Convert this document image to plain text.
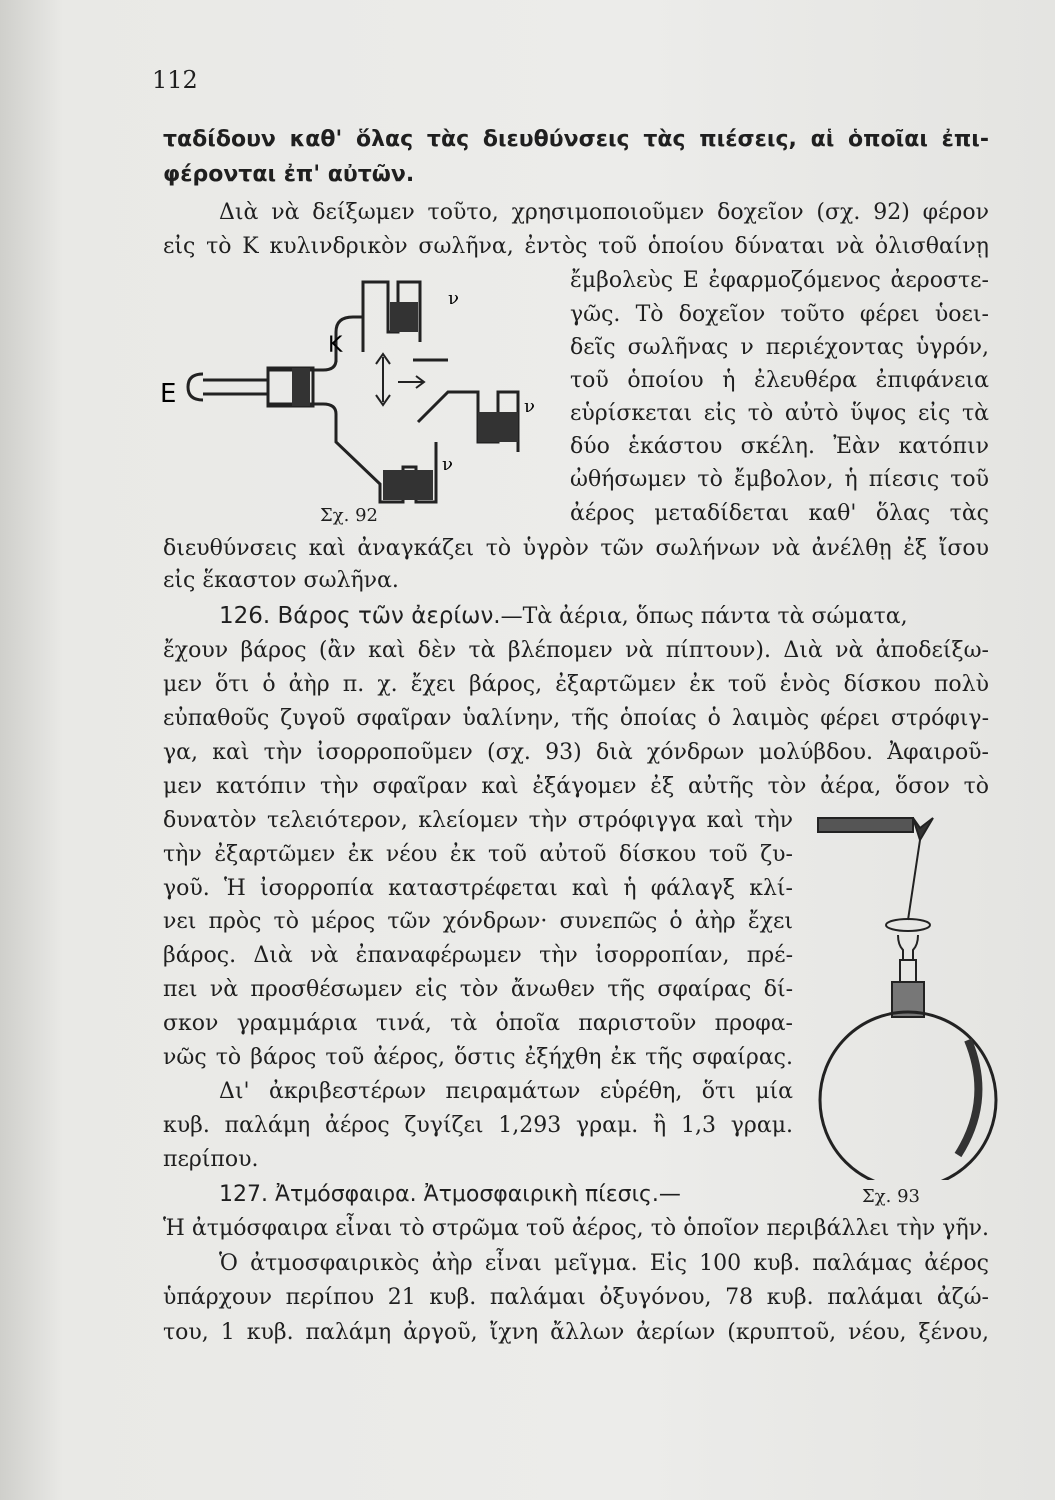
112
ταδίδουν καθ' ὅλας τὰς διευθύνσεις τὰς πιέσεις, αἱ ὁποῖαι ἐπι-
φέρονται ἐπ' αὐτῶν.
Διὰ νὰ δείξωμεν τοῦτο, χρησιμοποιοῦμεν δοχεῖον (σχ. 92) φέρον
εἰς τὸ Κ κυλινδρικὸν σωλῆνα, ἐντὸς τοῦ ὁποίου δύναται νὰ ὀλισθαίνῃ
ἔμβολεὺς Ε ἐφαρμοζόμενος ἀεροστε-
γῶς. Τὸ δοχεῖον τοῦτο φέρει ὑοει-
δεῖς σωλῆνας ν περιέχοντας ὑγρόν,
τοῦ ὁποίου ἡ ἐλευθέρα ἐπιφάνεια
εὑρίσκεται εἰς τὸ αὐτὸ ὕψος εἰς τὰ
δύο ἑκάστου σκέλη. Ἐὰν κατόπιν
ὠθήσωμεν τὸ ἔμβολον, ἡ πίεσις τοῦ
ἀέρος μεταδίδεται καθ' ὅλας τὰς
διευθύνσεις καὶ ἀναγκάζει τὸ ὑγρὸν τῶν σωλήνων νὰ ἀνέλθῃ ἐξ ἴσου
εἰς ἕκαστον σωλῆνα.
126. Βάρος τῶν ἀερίων.—Τὰ ἀέρια, ὅπως πάντα τὰ σώματα,
ἔχουν βάρος (ἂν καὶ δὲν τὰ βλέπομεν νὰ πίπτουν). Διὰ νὰ ἀποδείξω-
μεν ὅτι ὁ ἀὴρ π. χ. ἔχει βάρος, ἐξαρτῶμεν ἐκ τοῦ ἑνὸς δίσκου πολὺ
εὐπαθοῦς ζυγοῦ σφαῖραν ὑαλίνην, τῆς ὁποίας ὁ λαιμὸς φέρει στρόφιγ-
γα, καὶ τὴν ἰσορροποῦμεν (σχ. 93) διὰ χόνδρων μολύβδου. Ἀφαιροῦ-
μεν κατόπιν τὴν σφαῖραν καὶ ἐξάγομεν ἐξ αὐτῆς τὸν ἀέρα, ὅσον τὸ
δυνατὸν τελειότερον, κλείομεν τὴν στρόφιγγα καὶ τὴν
τὴν ἐξαρτῶμεν ἐκ νέου ἐκ τοῦ αὐτοῦ δίσκου τοῦ ζυ-
γοῦ. Ἡ ἰσορροπία καταστρέφεται καὶ ἡ φάλαγξ κλί-
νει πρὸς τὸ μέρος τῶν χόνδρων· συνεπῶς ὁ ἀὴρ ἔχει
βάρος. Διὰ νὰ ἐπαναφέρωμεν τὴν ἰσορροπίαν, πρέ-
πει νὰ προσθέσωμεν εἰς τὸν ἄνωθεν τῆς σφαίρας δί-
σκον γραμμάρια τινά, τὰ ὁποῖα παριστοῦν προφα-
νῶς τὸ βάρος τοῦ ἀέρος, ὅστις ἐξήχθη ἐκ τῆς σφαίρας.
Δι' ἀκριβεστέρων πειραμάτων εὑρέθη, ὅτι μία
κυβ. παλάμη ἀέρος ζυγίζει 1,293 γραμ. ἢ 1,3 γραμ.
περίπου.
127. Ἀτμόσφαιρα. Ἀτμοσφαιρικὴ πίεσις.—
Ἡ ἀτμόσφαιρα εἶναι τὸ στρῶμα τοῦ ἀέρος, τὸ ὁποῖον περιβάλλει τὴν γῆν.
Ὁ ἀτμοσφαιρικὸς ἀὴρ εἶναι μεῖγμα. Εἰς 100 κυβ. παλάμας ἀέρος
ὑπάρχουν περίπου 21 κυβ. παλάμαι ὀξυγόνου, 78 κυβ. παλάμαι ἀζώ-
του, 1 κυβ. παλάμη ἀργοῦ, ἴχνη ἄλλων ἀερίων (κρυπτοῦ, νέου, ξένου,
Ε
Κ
ν
ν
ν
Σχ. 92
Σχ. 93
